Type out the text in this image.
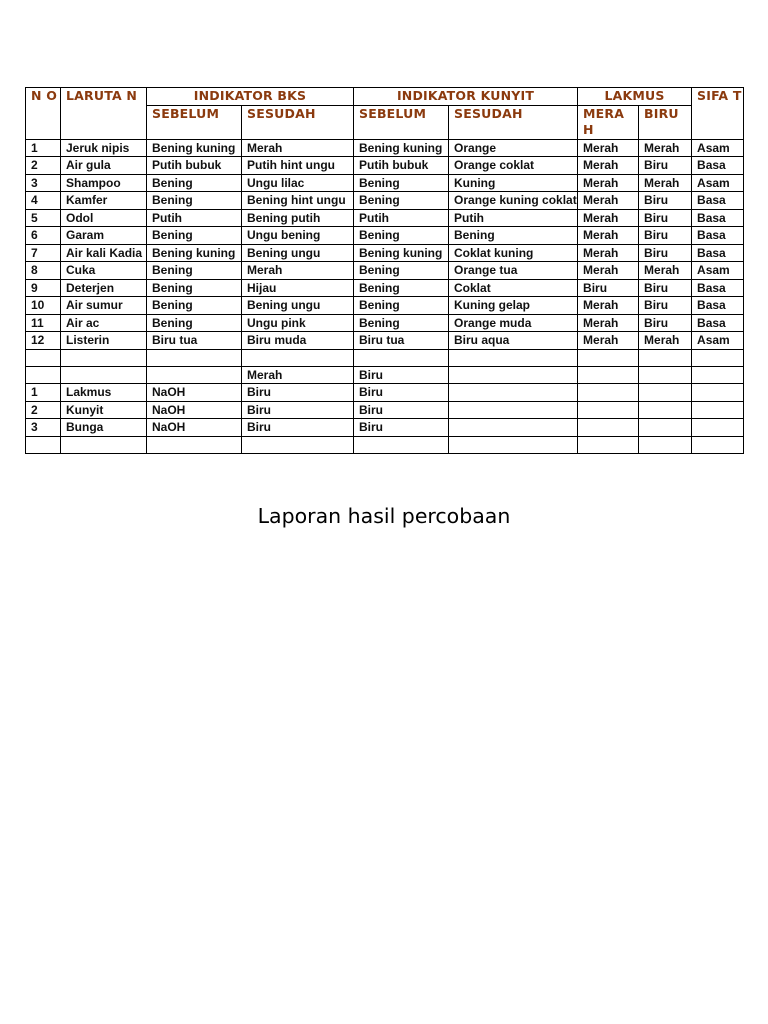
N O	LARUTA N	INDIKATOR BKS		INDIKATOR KUNYIT		LAKMUS		SIFA T
		SEBELUM	SESUDAH	SEBELUM	SESUDAH	MERA H	BIRU	
1	Jeruk nipis	Bening kuning	Merah	Bening kuning	Orange	Merah	Merah	Asam
2	Air gula	Putih bubuk	Putih hint ungu	Putih bubuk	Orange coklat	Merah	Biru	Basa
3	Shampoo	Bening	Ungu lilac	Bening	Kuning	Merah	Merah	Asam
4	Kamfer	Bening	Bening hint ungu	Bening	Orange kuning coklat	Merah	Biru	Basa
5	Odol	Putih	Bening putih	Putih	Putih	Merah	Biru	Basa
6	Garam	Bening	Ungu bening	Bening	Bening	Merah	Biru	Basa
7	Air kali Kadia	Bening kuning	Bening ungu	Bening kuning	Coklat kuning	Merah	Biru	Basa
8	Cuka	Bening	Merah	Bening	Orange tua	Merah	Merah	Asam
9	Deterjen	Bening	Hijau	Bening	Coklat	Biru	Biru	Basa
10	Air sumur	Bening	Bening ungu	Bening	Kuning gelap	Merah	Biru	Basa
11	Air ac	Bening	Ungu pink	Bening	Orange muda	Merah	Biru	Basa
12	Listerin	Biru tua	Biru muda	Biru tua	Biru aqua	Merah	Merah	Asam

			Merah	Biru				
1	Lakmus	NaOH	Biru	Biru				
2	Kunyit	NaOH	Biru	Biru				
3	Bunga	NaOH	Biru	Biru				

Laporan hasil percobaan
